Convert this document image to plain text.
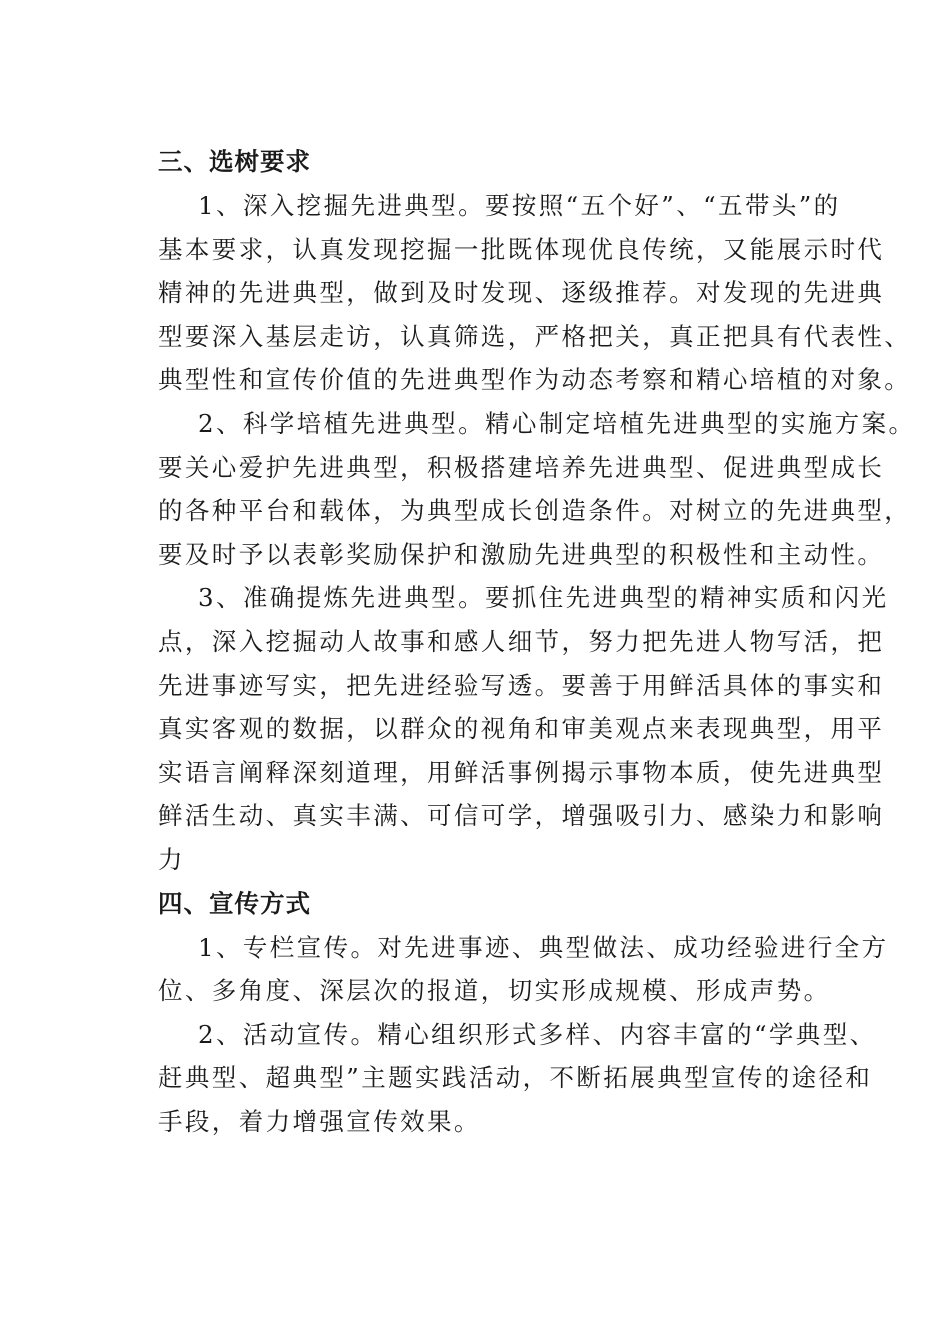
三、选树要求

1、深入挖掘先进典型。要按照“五个好”、“五带头”的
基本要求，认真发现挖掘一批既体现优良传统，又能展示时代
精神的先进典型，做到及时发现、逐级推荐。对发现的先进典
型要深入基层走访，认真筛选，严格把关，真正把具有代表性、
典型性和宣传价值的先进典型作为动态考察和精心培植的对象。

2、科学培植先进典型。精心制定培植先进典型的实施方案。
要关心爱护先进典型，积极搭建培养先进典型、促进典型成长
的各种平台和载体，为典型成长创造条件。对树立的先进典型，
要及时予以表彰奖励保护和激励先进典型的积极性和主动性。

3、准确提炼先进典型。要抓住先进典型的精神实质和闪光
点，深入挖掘动人故事和感人细节，努力把先进人物写活，把
先进事迹写实，把先进经验写透。要善于用鲜活具体的事实和
真实客观的数据，以群众的视角和审美观点来表现典型，用平
实语言阐释深刻道理，用鲜活事例揭示事物本质，使先进典型
鲜活生动、真实丰满、可信可学，增强吸引力、感染力和影响
力

四、宣传方式

1、专栏宣传。对先进事迹、典型做法、成功经验进行全方
位、多角度、深层次的报道，切实形成规模、形成声势。

2、活动宣传。精心组织形式多样、内容丰富的“学典型、
赶典型、超典型”主题实践活动，不断拓展典型宣传的途径和
手段，着力增强宣传效果。
